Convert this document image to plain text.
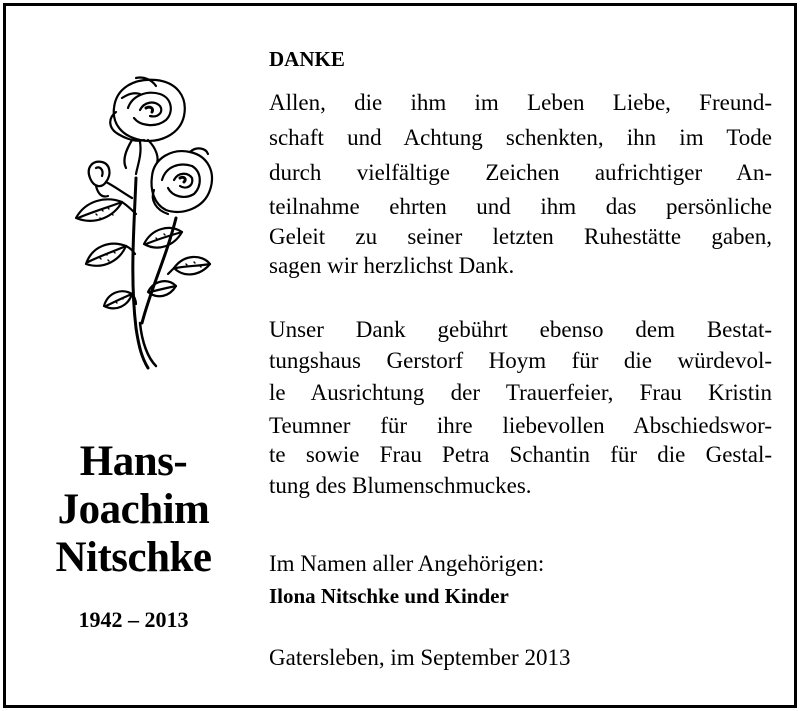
Hans-
Joachim
Nitschke
1942 – 2013
DANKE
Allen, die ihm im Leben Liebe, Freund-
schaft und Achtung schenkten, ihn im Tode
durch vielfältige Zeichen aufrichtiger An-
teilnahme ehrten und ihm das persönliche
Geleit zu seiner letzten Ruhestätte gaben,
sagen wir herzlichst Dank.
Unser Dank gebührt ebenso dem Bestat-
tungshaus Gerstorf Hoym für die würdevol-
le Ausrichtung der Trauerfeier, Frau Kristin
Teumner für ihre liebevollen Abschiedswor-
te sowie Frau Petra Schantin für die Gestal-
tung des Blumenschmuckes.
Im Namen aller Angehörigen:
Ilona Nitschke und Kinder
Gatersleben, im September 2013
